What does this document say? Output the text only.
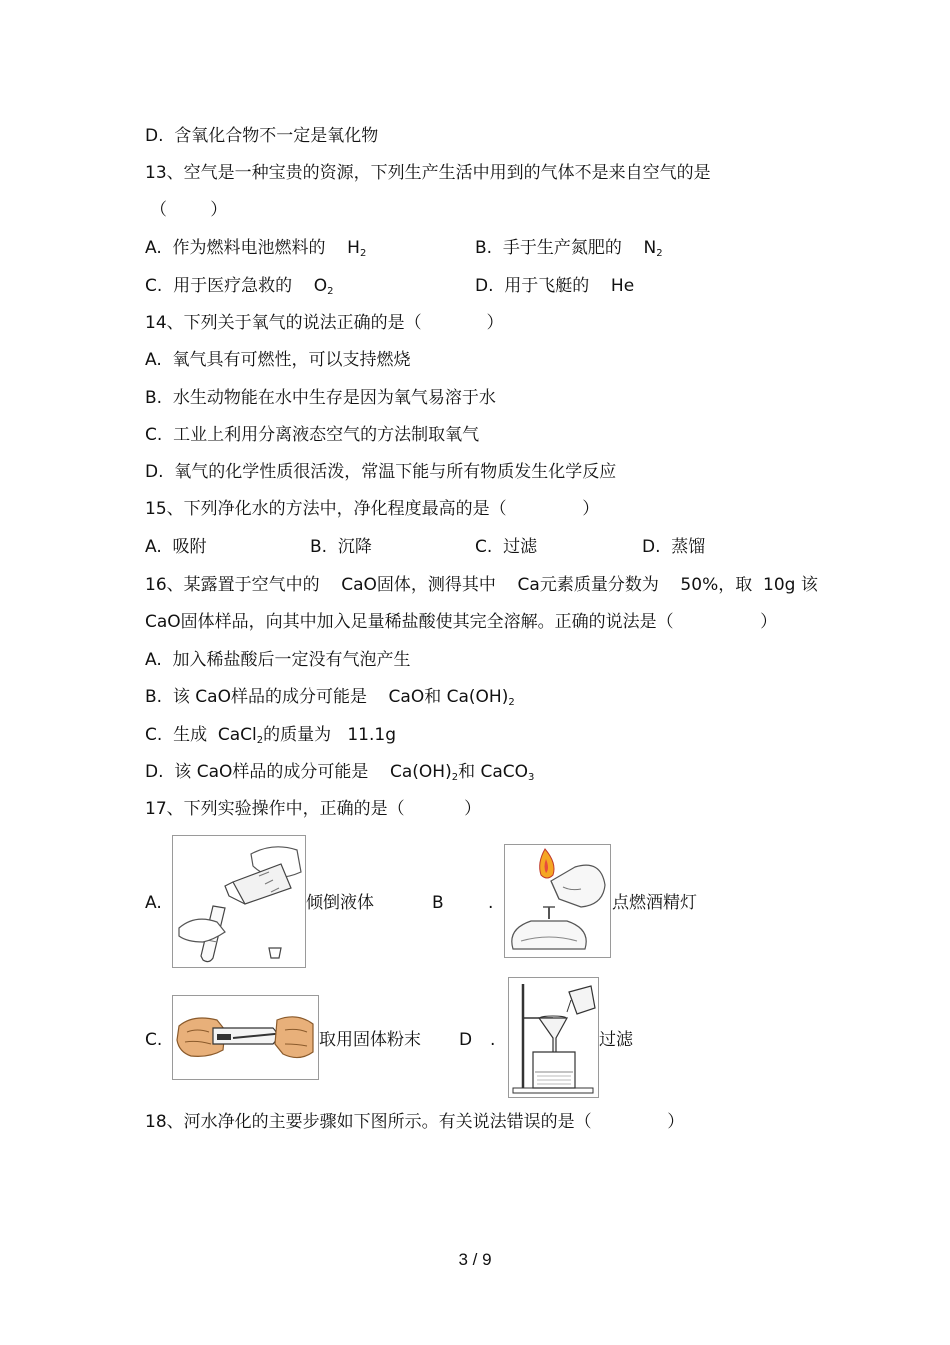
D.  含氧化合物不一定是氧化物
13、空气是一种宝贵的资源，下列生产生活中用到的气体不是来自空气的是
（        ）
A.  作为燃料电池燃料的    $H_2$	B.  手于生产氮肥的    $N_2$
C.  用于医疗急救的    $O_2$	D.  用于飞艇的    He
14、下列关于氧气的说法正确的是（            ）
A.  氧气具有可燃性，可以支持燃烧
B.  水生动物能在水中生存是因为氧气易溶于水
C.  工业上利用分离液态空气的方法制取氧气
D.  氧气的化学性质很活泼，常温下能与所有物质发生化学反应
15、下列净化水的方法中，净化程度最高的是（              ）
A.  吸附	B.  沉降	C.  过滤	D.  蒸馏
16、某露置于空气中的    CaO固体，测得其中    Ca元素质量分数为    50%，取  10g 该
CaO固体样品，向其中加入足量稀盐酸使其完全溶解。正确的说法是（                ）
A.  加入稀盐酸后一定没有气泡产生
B.  该 CaO样品的成分可能是    CaO和 $Ca(OH)_2$
C.  生成  CaCl$_2$的质量为   11.1g
D.  该 CaO样品的成分可能是    $Ca(OH)_2$和 CaCO$_3$
17、下列实验操作中，正确的是（           ）
A.	倾倒液体	B	.	点燃酒精灯
C.	取用固体粉末 D .	过滤
18、河水净化的主要步骤如下图所示。有关说法错误的是（              ）
3 / 9
